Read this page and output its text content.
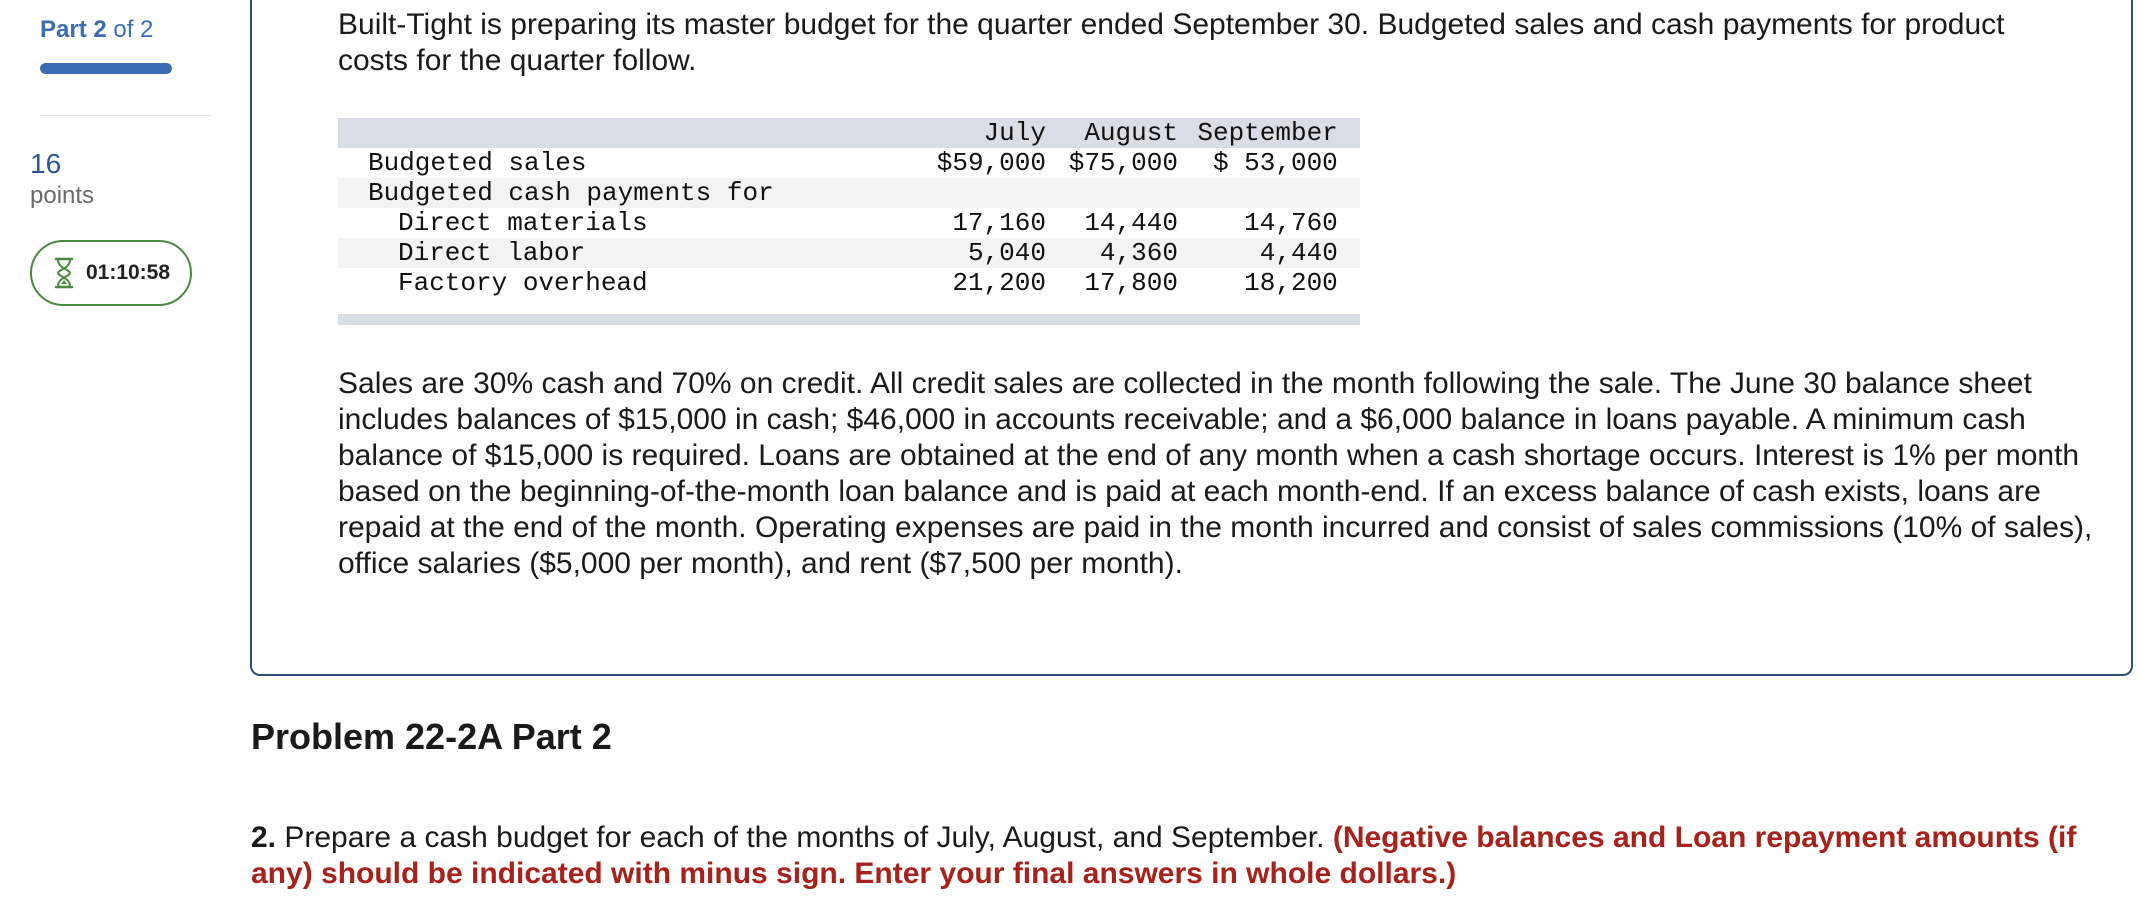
Part 2 of 2
16
points
01:10:58

Built-Tight is preparing its master budget for the quarter ended September 30. Budgeted sales and cash payments for product costs for the quarter follow.

	July	August	September	
Budgeted sales	$59,000	$75,000	$ 53,000	
Budgeted cash payments for				
Direct materials	17,160	14,440	14,760	
Direct labor	5,040	4,360	4,440	
Factory overhead	21,200	17,800	18,200	

Sales are 30% cash and 70% on credit. All credit sales are collected in the month following the sale. The June 30 balance sheet includes balances of $15,000 in cash; $46,000 in accounts receivable; and a $6,000 balance in loans payable. A minimum cash balance of $15,000 is required. Loans are obtained at the end of any month when a cash shortage occurs. Interest is 1% per month based on the beginning-of-the-month loan balance and is paid at each month-end. If an excess balance of cash exists, loans are repaid at the end of the month. Operating expenses are paid in the month incurred and consist of sales commissions (10% of sales), office salaries ($5,000 per month), and rent ($7,500 per month).

Problem 22-2A Part 2

2. Prepare a cash budget for each of the months of July, August, and September. (Negative balances and Loan repayment amounts (if any) should be indicated with minus sign. Enter your final answers in whole dollars.)
